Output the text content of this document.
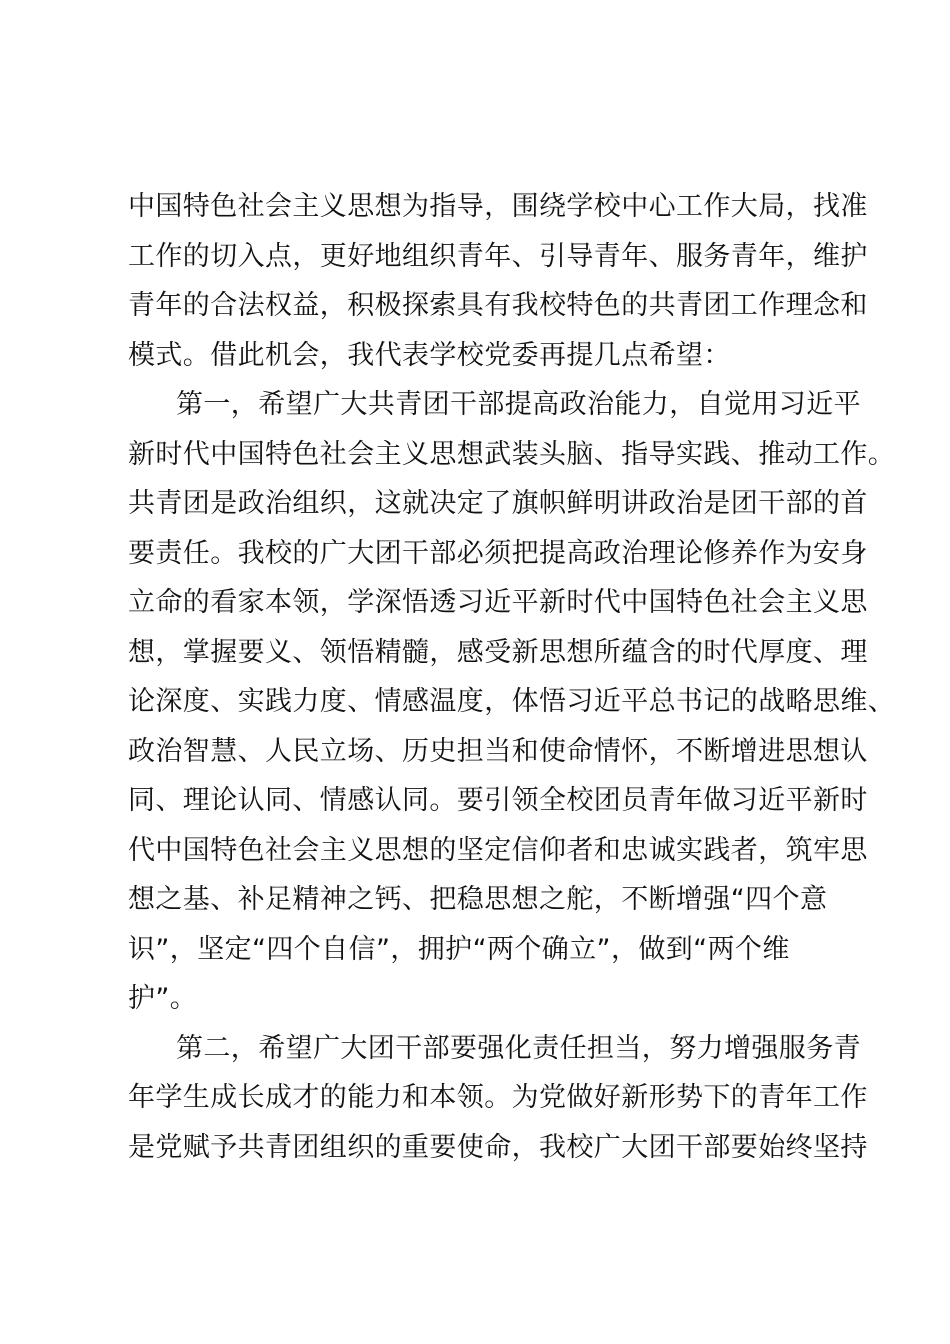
中国特色社会主义思想为指导，围绕学校中心工作大局，找准
工作的切入点，更好地组织青年、引导青年、服务青年，维护
青年的合法权益，积极探索具有我校特色的共青团工作理念和
模式。借此机会，我代表学校党委再提几点希望：
第一，希望广大共青团干部提高政治能力，自觉用习近平
新时代中国特色社会主义思想武装头脑、指导实践、推动工作。
共青团是政治组织，这就决定了旗帜鲜明讲政治是团干部的首
要责任。我校的广大团干部必须把提高政治理论修养作为安身
立命的看家本领，学深悟透习近平新时代中国特色社会主义思
想，掌握要义、领悟精髓，感受新思想所蕴含的时代厚度、理
论深度、实践力度、情感温度，体悟习近平总书记的战略思维、
政治智慧、人民立场、历史担当和使命情怀，不断增进思想认
同、理论认同、情感认同。要引领全校团员青年做习近平新时
代中国特色社会主义思想的坚定信仰者和忠诚实践者，筑牢思
想之基、补足精神之钙、把稳思想之舵，不断增强“四个意
识”，坚定“四个自信”，拥护“两个确立”，做到“两个维
护”。
第二，希望广大团干部要强化责任担当，努力增强服务青
年学生成长成才的能力和本领。为党做好新形势下的青年工作
是党赋予共青团组织的重要使命，我校广大团干部要始终坚持
